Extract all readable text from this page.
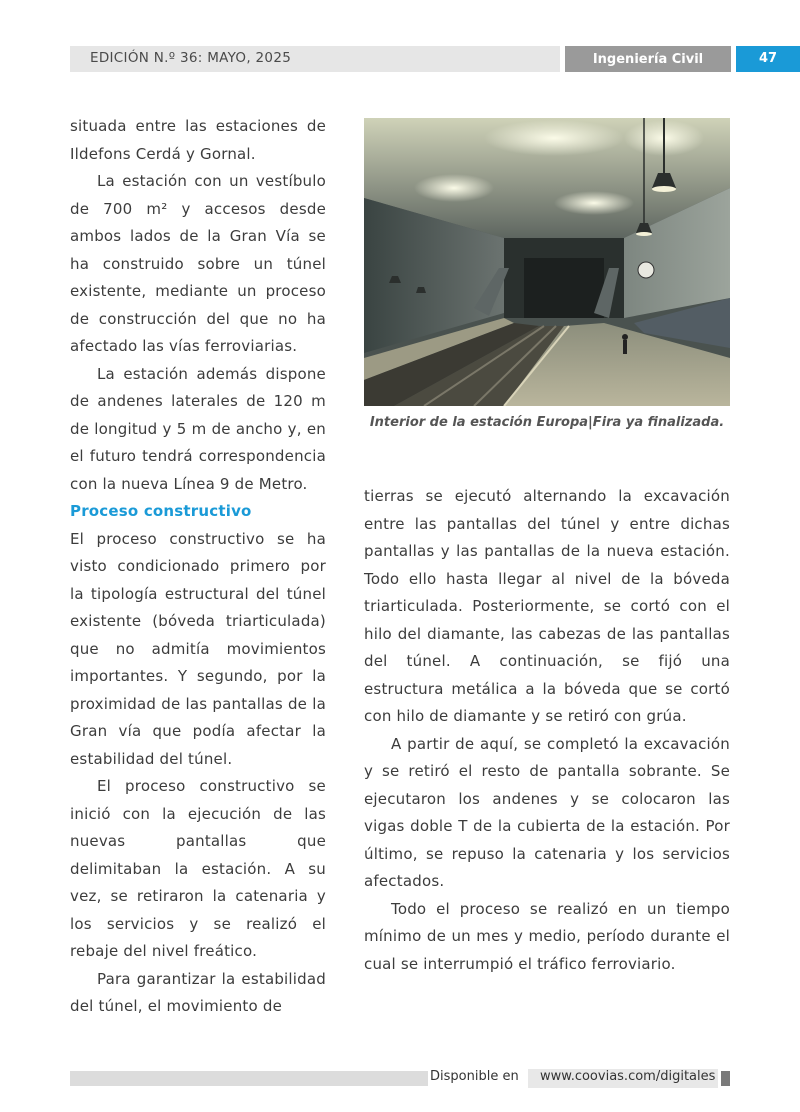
EDICIÓN N.º 36: MAYO, 2025	Ingeniería Civil	47

situada entre las estaciones de Ildefons Cerdá y Gornal.

La estación con un vestíbulo de 700 m² y accesos desde ambos lados de la Gran Vía se ha construido sobre un túnel existente, mediante un proceso de construcción del que no ha afectado las vías ferroviarias.

La estación además dispone de andenes laterales de 120 m de longitud y 5 m de ancho y, en el futuro tendrá correspondencia con la nueva Línea 9 de Metro.

Proceso constructivo

El proceso constructivo se ha visto condicionado primero por la tipología estructural del túnel existente (bóveda triarticulada) que no admitía movimientos importantes. Y segundo, por la proximidad de las pantallas de la Gran vía que podía afectar la estabilidad del túnel.

El proceso constructivo se inició con la ejecución de las nuevas pantallas que delimitaban la estación. A su vez, se retiraron la catenaria y los servicios y se realizó el rebaje del nivel freático.

Para garantizar la estabilidad del túnel, el movimiento de

Interior de la estación Europa|Fira ya finalizada.

tierras se ejecutó alternando la excavación entre las pantallas del túnel y entre dichas pantallas y las pantallas de la nueva estación. Todo ello hasta llegar al nivel de la bóveda triarticulada. Posteriormente, se cortó con el hilo del diamante, las cabezas de las pantallas del túnel. A continuación, se fijó una estructura metálica a la bóveda que se cortó con hilo de diamante y se retiró con grúa.

A partir de aquí, se completó la excavación y se retiró el resto de pantalla sobrante. Se ejecutaron los andenes y se colocaron las vigas doble T de la cubierta de la estación. Por último, se repuso la catenaria y los servicios afectados.

Todo el proceso se realizó en un tiempo mínimo de un mes y medio, período durante el cual se interrumpió el tráfico ferroviario.

Disponible en www.coovias.com/digitales
